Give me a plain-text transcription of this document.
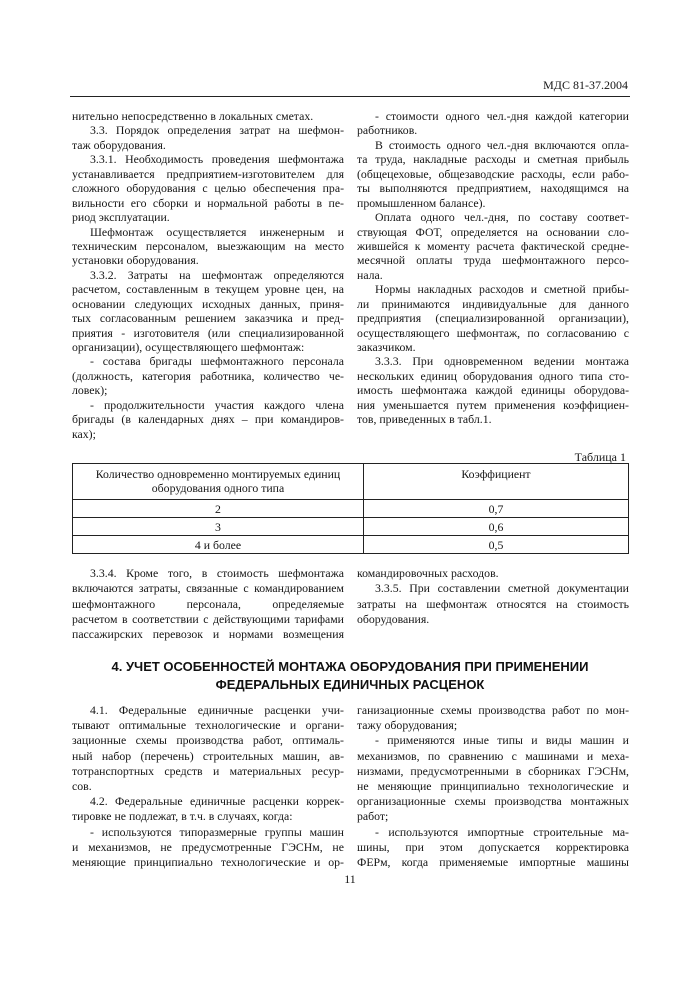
МДС 81-37.2004
нительно непосредственно в локальных сметах.
3.3. Порядок определения затрат на шефмон-
таж оборудования.
3.3.1. Необходимость проведения шефмонтажа
устанавливается предприятием-изготовителем для
сложного оборудования с целью обеспечения пра-
вильности его сборки и нормальной работы в пе-
риод эксплуатации.
Шефмонтаж осуществляется инженерным и
техническим персоналом, выезжающим на место
установки оборудования.
3.3.2. Затраты на шефмонтаж определяются
расчетом, составленным в текущем уровне цен, на
основании следующих исходных данных, приня-
тых согласованным решением заказчика и пред-
приятия - изготовителя (или специализированной
организации), осуществляющего шефмонтаж:
- состава бригады шефмонтажного персонала
(должность, категория работника, количество че-
ловек);
- продолжительности участия каждого члена
бригады (в календарных днях – при командиров-
ках);
- стоимости одного чел.-дня каждой категории
работников.
В стоимость одного чел.-дня включаются опла-
та труда, накладные расходы и сметная прибыль
(общецеховые, общезаводские расходы, если рабо-
ты выполняются предприятием, находящимся на
промышленном балансе).
Оплата одного чел.-дня, по составу соответ-
ствующая ФОТ, определяется на основании сло-
жившейся к моменту расчета фактической средне-
месячной оплаты труда шефмонтажного персо-
нала.
Нормы накладных расходов и сметной прибы-
ли принимаются индивидуальные для данного
предприятия (специализированной организации),
осуществляющего шефмонтаж, по согласованию с
заказчиком.
3.3.3. При одновременном ведении монтажа
нескольких единиц оборудования одного типа сто-
имость шефмонтажа каждой единицы оборудова-
ния уменьшается путем применения коэффициен-
тов, приведенных в табл.1.
Таблица 1
Количество одновременно монтируемых единиц оборудования одного типа	Коэффициент
2	0,7
3	0,6
4 и более	0,5
3.3.4. Кроме того, в стоимость шефмонтажа
включаются затраты, связанные с командированием
шефмонтажного персонала, определяемые
расчетом в соответствии с действующими тарифами
пассажирских перевозок и нормами возмещения
командировочных расходов.
3.3.5. При составлении сметной документации
затраты на шефмонтаж относятся на стоимость
оборудования.
4. УЧЕТ ОСОБЕННОСТЕЙ МОНТАЖА ОБОРУДОВАНИЯ ПРИ ПРИМЕНЕНИИ
ФЕДЕРАЛЬНЫХ ЕДИНИЧНЫХ РАСЦЕНОК
4.1. Федеральные единичные расценки учи-
тывают оптимальные технологические и органи-
зационные схемы производства работ, оптималь-
ный набор (перечень) строительных машин, ав-
тотранспортных средств и материальных ресур-
сов.
4.2. Федеральные единичные расценки коррек-
тировке не подлежат, в т.ч. в случаях, когда:
- используются типоразмерные группы машин
и механизмов, не предусмотренные ГЭСНм, не
меняющие принципиально технологические и ор-
ганизационные схемы производства работ по мон-
тажу оборудования;
- применяются иные типы и виды машин и
механизмов, по сравнению с машинами и меха-
низмами, предусмотренными в сборниках ГЭСНм,
не меняющие принципиально технологические и
организационные схемы производства монтажных
работ;
- используются импортные строительные ма-
шины, при этом допускается корректировка
ФЕРм, когда применяемые импортные машины
11
